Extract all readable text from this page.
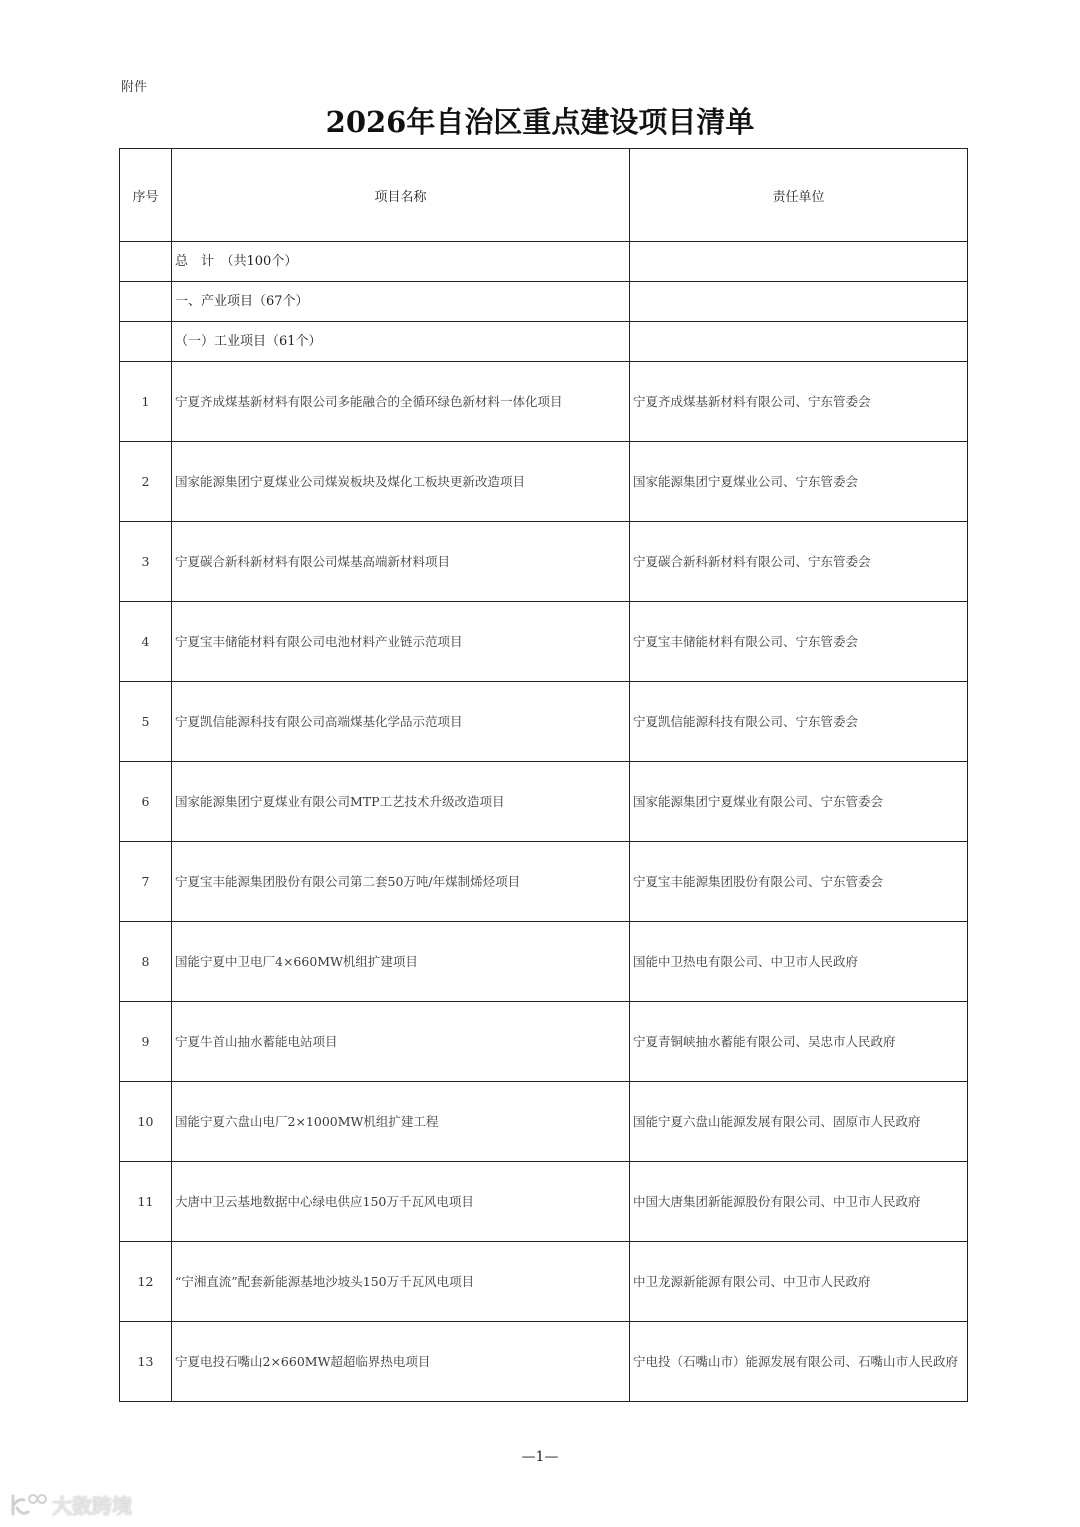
附件
2026年自治区重点建设项目清单
序号	项目名称	责任单位
	总　计　（共100个）	
	一、产业项目（67个）	
	（一）工业项目（61个）	
1	宁夏齐成煤基新材料有限公司多能融合的全循环绿色新材料一体化项目	宁夏齐成煤基新材料有限公司、宁东管委会
2	国家能源集团宁夏煤业公司煤炭板块及煤化工板块更新改造项目	国家能源集团宁夏煤业公司、宁东管委会
3	宁夏碳合新科新材料有限公司煤基高端新材料项目	宁夏碳合新科新材料有限公司、宁东管委会
4	宁夏宝丰储能材料有限公司电池材料产业链示范项目	宁夏宝丰储能材料有限公司、宁东管委会
5	宁夏凯信能源科技有限公司高端煤基化学品示范项目	宁夏凯信能源科技有限公司、宁东管委会
6	国家能源集团宁夏煤业有限公司MTP工艺技术升级改造项目	国家能源集团宁夏煤业有限公司、宁东管委会
7	宁夏宝丰能源集团股份有限公司第二套50万吨/年煤制烯烃项目	宁夏宝丰能源集团股份有限公司、宁东管委会
8	国能宁夏中卫电厂4×660MW机组扩建项目	国能中卫热电有限公司、中卫市人民政府
9	宁夏牛首山抽水蓄能电站项目	宁夏青铜峡抽水蓄能有限公司、吴忠市人民政府
10	国能宁夏六盘山电厂2×1000MW机组扩建工程	国能宁夏六盘山能源发展有限公司、固原市人民政府
11	大唐中卫云基地数据中心绿电供应150万千瓦风电项目	中国大唐集团新能源股份有限公司、中卫市人民政府
12	“宁湘直流”配套新能源基地沙坡头150万千瓦风电项目	中卫龙源新能源有限公司、中卫市人民政府
13	宁夏电投石嘴山2×660MW超超临界热电项目	宁电投（石嘴山市）能源发展有限公司、石嘴山市人民政府
—1—
大数跨境
